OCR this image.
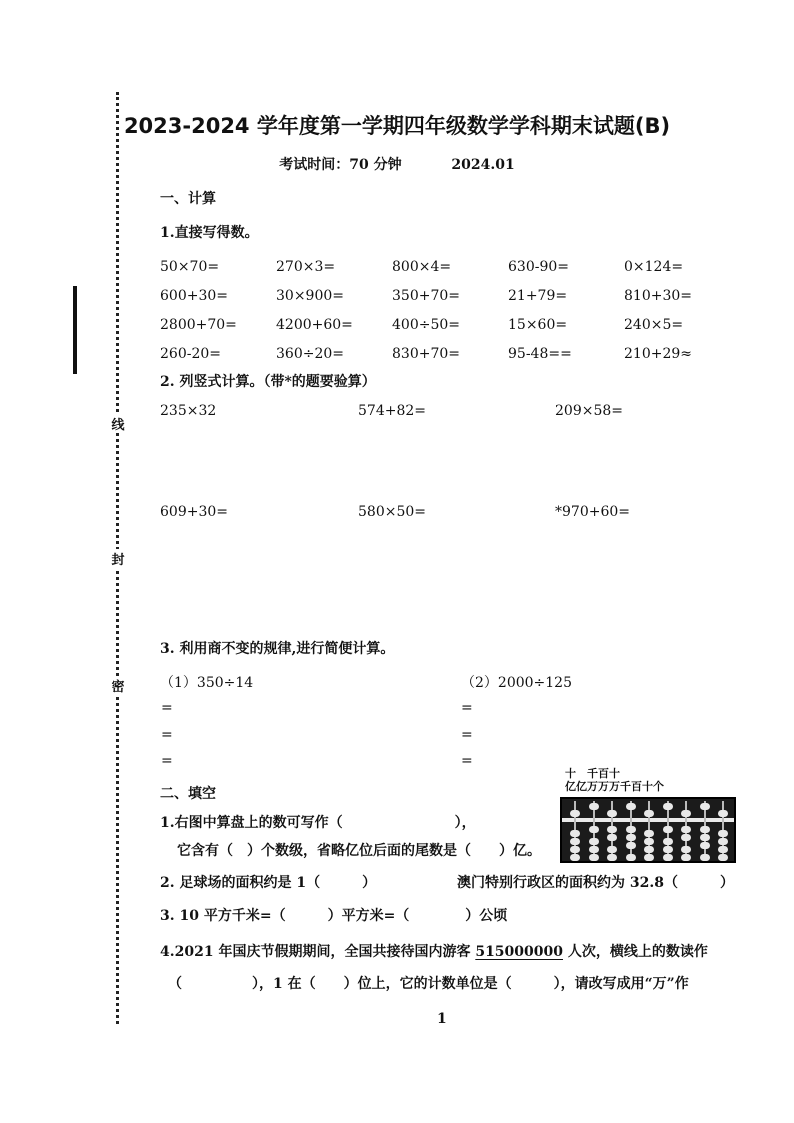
线
封
密
2023-2024 学年度第一学期四年级数学学科期末试题(B)
考试时间：70 分钟	2024.01
一、计算
1.直接写得数。
50×70=	270×3=	800×4=	630-90=	0×124=
600+30=	30×900=	350+70=	21+79=	810+30=
2800+70=	4200+60=	400÷50=	15×60=	240×5=
260-20=	360÷20=	830+70=	95-48==	210+29≈
2. 列竖式计算。（带*的题要验算）
235×32	574+82=	209×58=
609+30=	580×50=	*970+60=
3. 利用商不变的规律,进行简便计算。
（1）350÷14	（2）2000÷125
=
=
=
=
=
=
二、填空
十　千百十
亿亿万万万千百十个
1.右图中算盘上的数可写作（　　　　　　　　），
它含有（　）个数级，省略亿位后面的尾数是（　　）亿。
2. 足球场的面积约是 1（　　　）	澳门特别行政区的面积约为 32.8（　　　）
3. 10 平方千米=（　　　）平方米=（　　　　）公顷
4.2021 年国庆节假期期间，全国共接待国内游客 515000000 人次，横线上的数读作
（　　　　　），1 在（　　）位上，它的计数单位是（　　　），请改写成用“万”作
1
